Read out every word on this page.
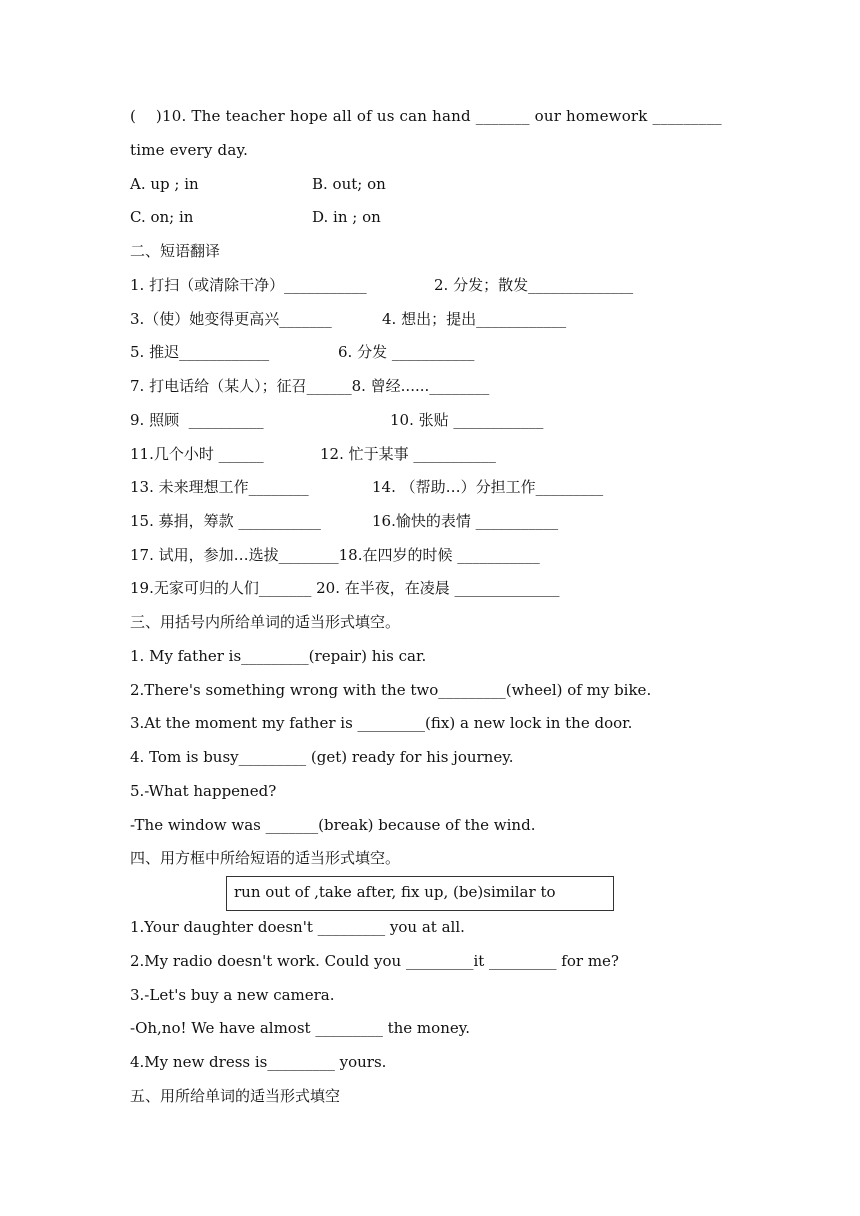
(    )10. The teacher hope all of us can hand _______ our homework _________
time every day.
A. up ; in	B. out; on
C. on; in	D. in ; on
二、短语翻译
1. 打扫（或清除干净）___________	2. 分发；散发______________
3.（使）她变得更高兴_______	4. 想出；提出____________
5. 推迟____________	6. 分发 ___________
7. 打电话给（某人）；征召______8. 曾经......________
9. 照顾  __________	10. 张贴 ____________
11.几个小时 ______	12. 忙于某事 ___________
13. 未来理想工作________	14. （帮助…）分担工作_________
15. 募捐，筹款 ___________	16.愉快的表情 ___________
17. 试用，参加…选拔________18.在四岁的时候 ___________
19.无家可归的人们_______ 20. 在半夜，在凌晨 ______________
三、用括号内所给单词的适当形式填空。
1. My father is_________(repair) his car.
2.There's something wrong with the two_________(wheel) of my bike.
3.At the moment my father is _________(fix) a new lock in the door.
4. Tom is busy_________ (get) ready for his journey.
5.-What happened?
-The window was _______(break) because of the wind.
四、用方框中所给短语的适当形式填空。
run out of ,take after, fix up, (be)similar to
1.Your daughter doesn't _________ you at all.
2.My radio doesn't work. Could you _________it _________ for me?
3.-Let's buy a new camera.
-Oh,no! We have almost _________ the money.
4.My new dress is_________ yours.
五、用所给单词的适当形式填空
